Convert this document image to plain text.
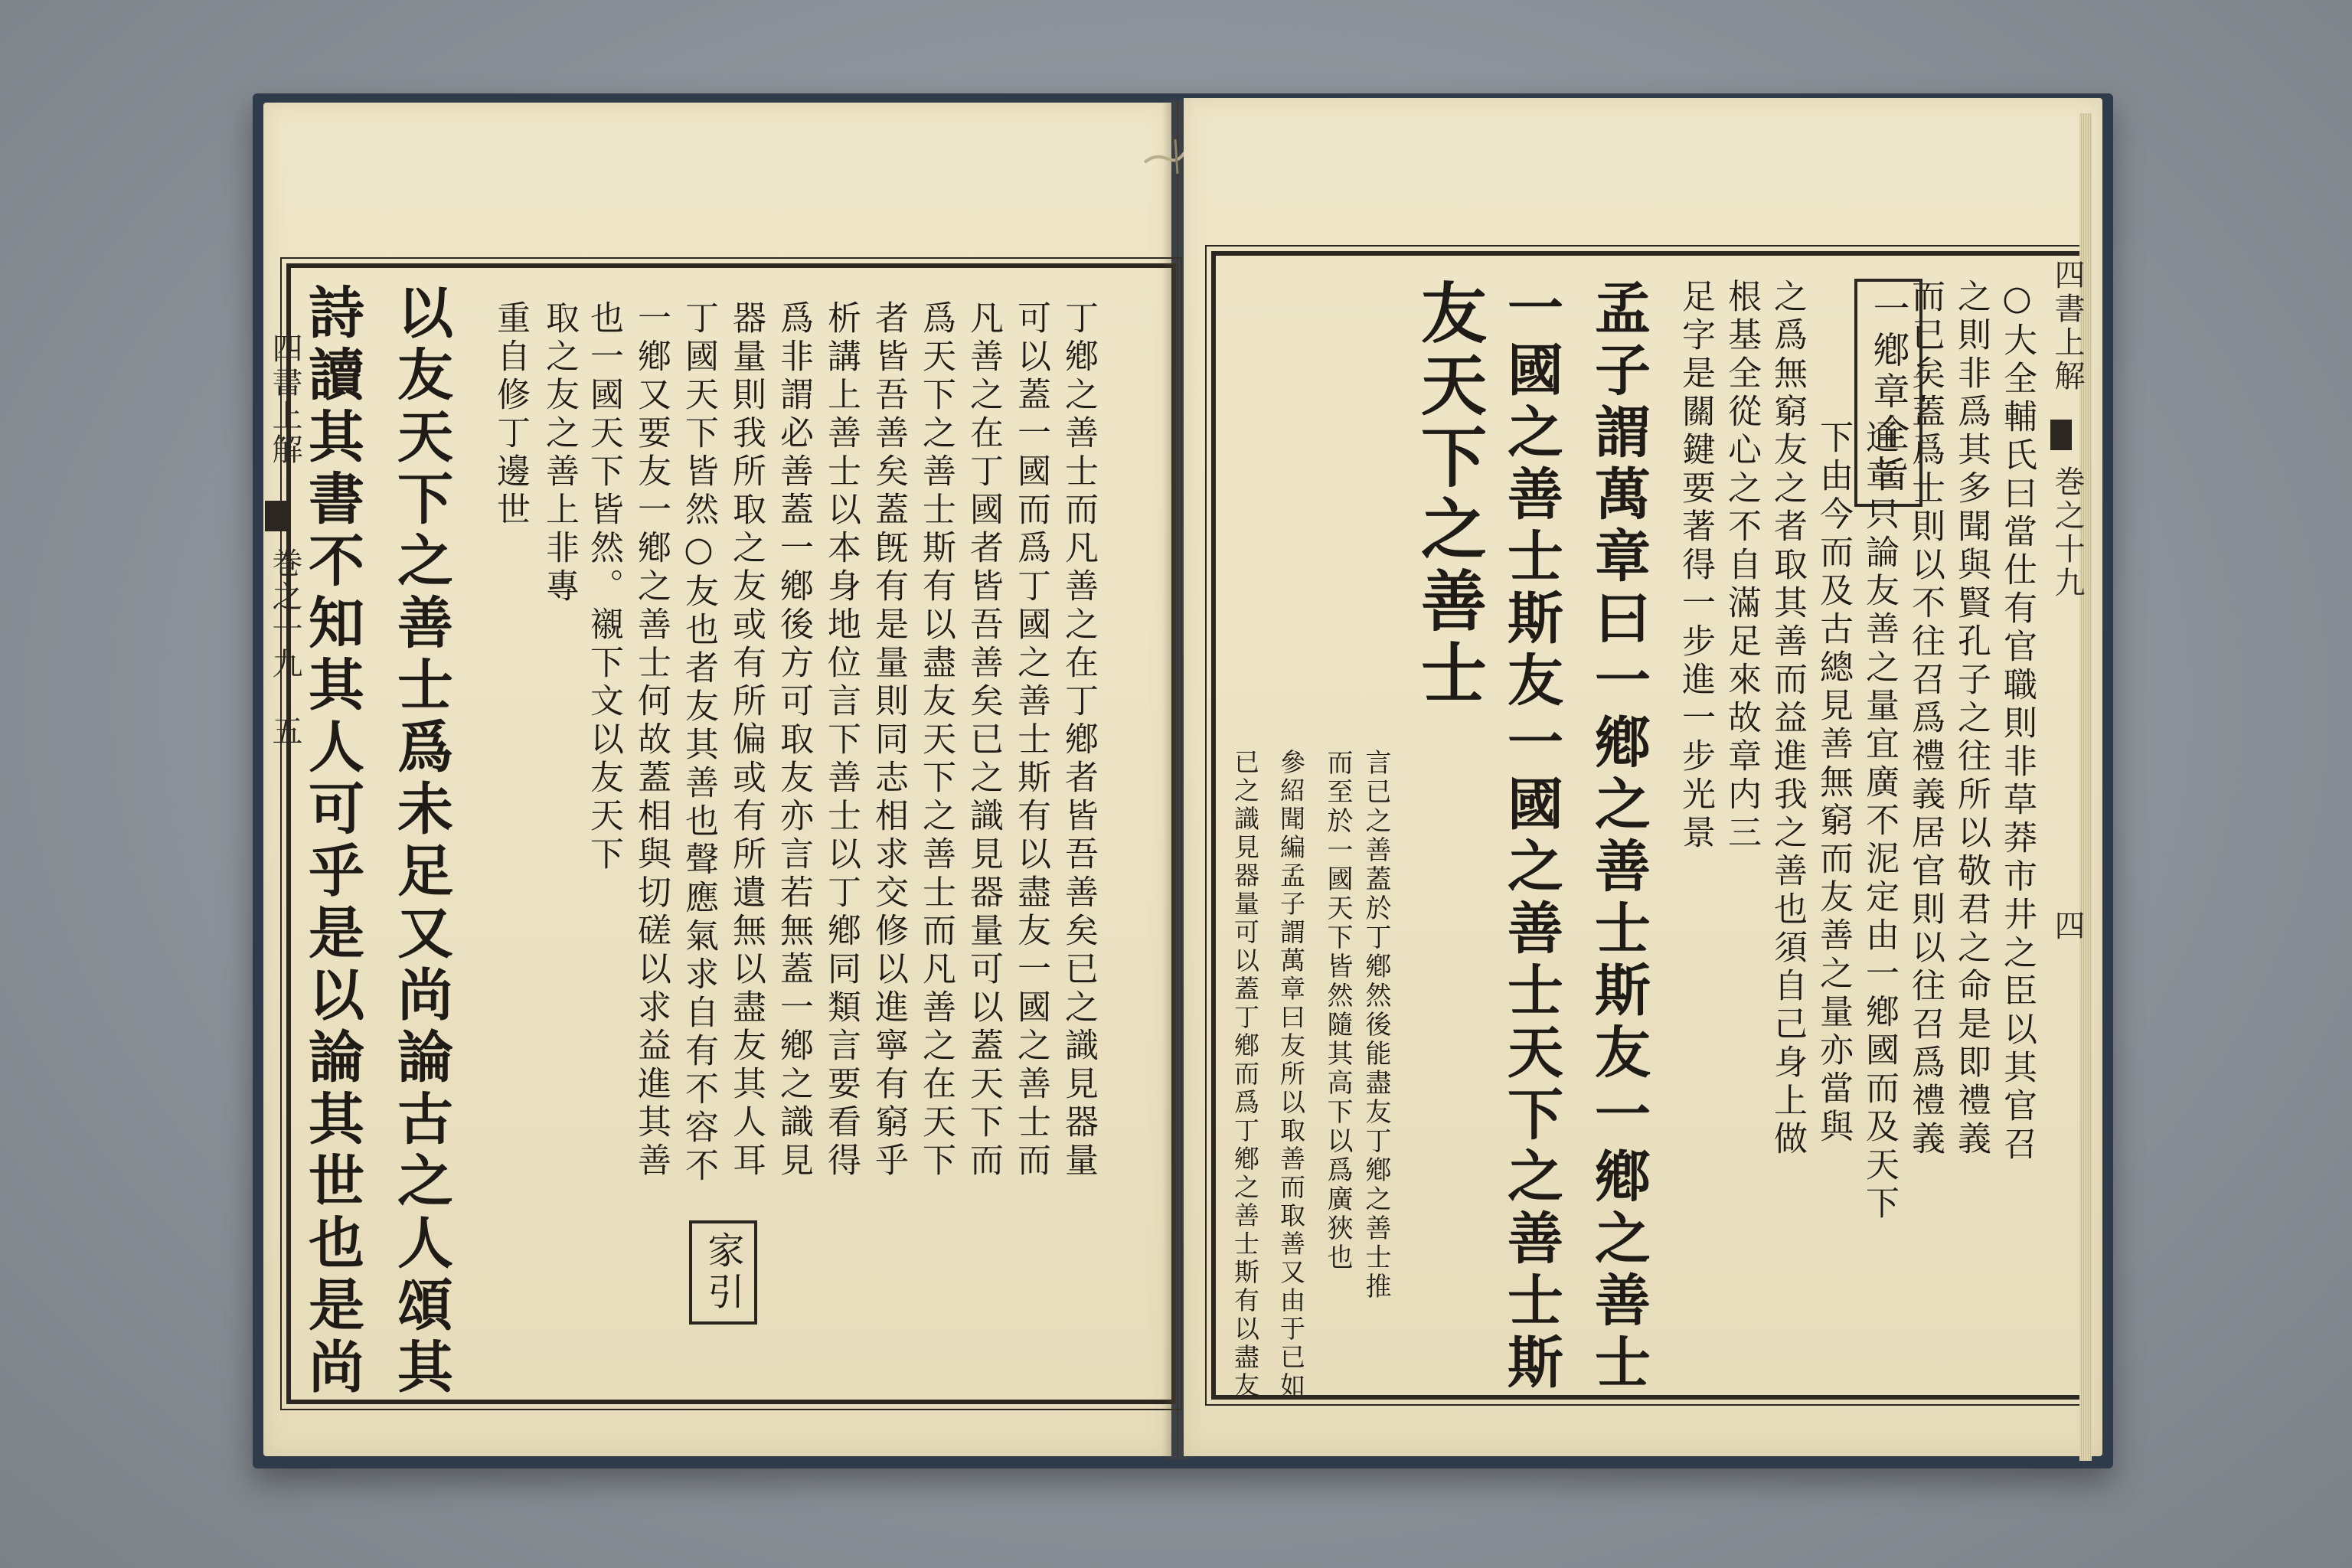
四書上解
巻之十九
五
詩讀其書不知其人可乎是以論其世也是尚 以友天下之善士爲未足又尚論古之人頌其 重自修丁邊世 取之友之善上非專 也一國天下皆然。襯下文以友天下 一鄕又要友一鄕之善士何故蓋相與切磋以求益進其善 丁國天下皆然○友也者友其善也聲應氣求自有不容不 器量則我所取之友或有所偏或有所遺無以盡友其人耳 爲非謂必善蓋一鄕後方可取友亦言若無蓋一鄕之識見 析講上善士以本身地位言下善士以丁鄕同類言要看得 者皆吾善矣蓋旣有是量則同志相求交修以進寧有窮乎 爲天下之善士斯有以盡友天下之善士而凡善之在天下 凡善之在丁國者皆吾善矣已之識見器量可以蓋天下而 可以蓋一國而爲丁國之善士斯有以盡友一國之善士而 丁鄕之善士而凡善之在丁鄕者皆吾善矣已之識見器量
家引
四書上解
巻之十九
四
○大全輔氏曰當仕有官職則非草莽市井之臣以其官召
之則非爲其多聞與賢孔子之往所以敬君之命是即禮義
而已矣蓋爲士則以不往召爲禮義居官則以往召爲禮義
通章只論友善之量宜廣不泥定由一鄕國而及天下
下由今而及古總見善無窮而友善之量亦當與
之爲無窮友之者取其善而益進我之善也須自己身上做
根基全從心之不自滿足來故章内三
足字是關鍵要著得一步進一步光景	一鄕章全旨
孟子謂萬章曰一鄕之善士斯友一鄕之善士
一國之善士斯友一國之善士天下之善士斯
友天下之善士
言已之善蓋於丁鄕然後能盡友丁鄕之善士推
而至於一國天下皆然隨其高下以爲廣狹也
參紹聞編孟子謂萬章曰友所以取善而取善又由于已如
已之識見器量可以蓋丁鄕而爲丁鄕之善士斯有以盡友
